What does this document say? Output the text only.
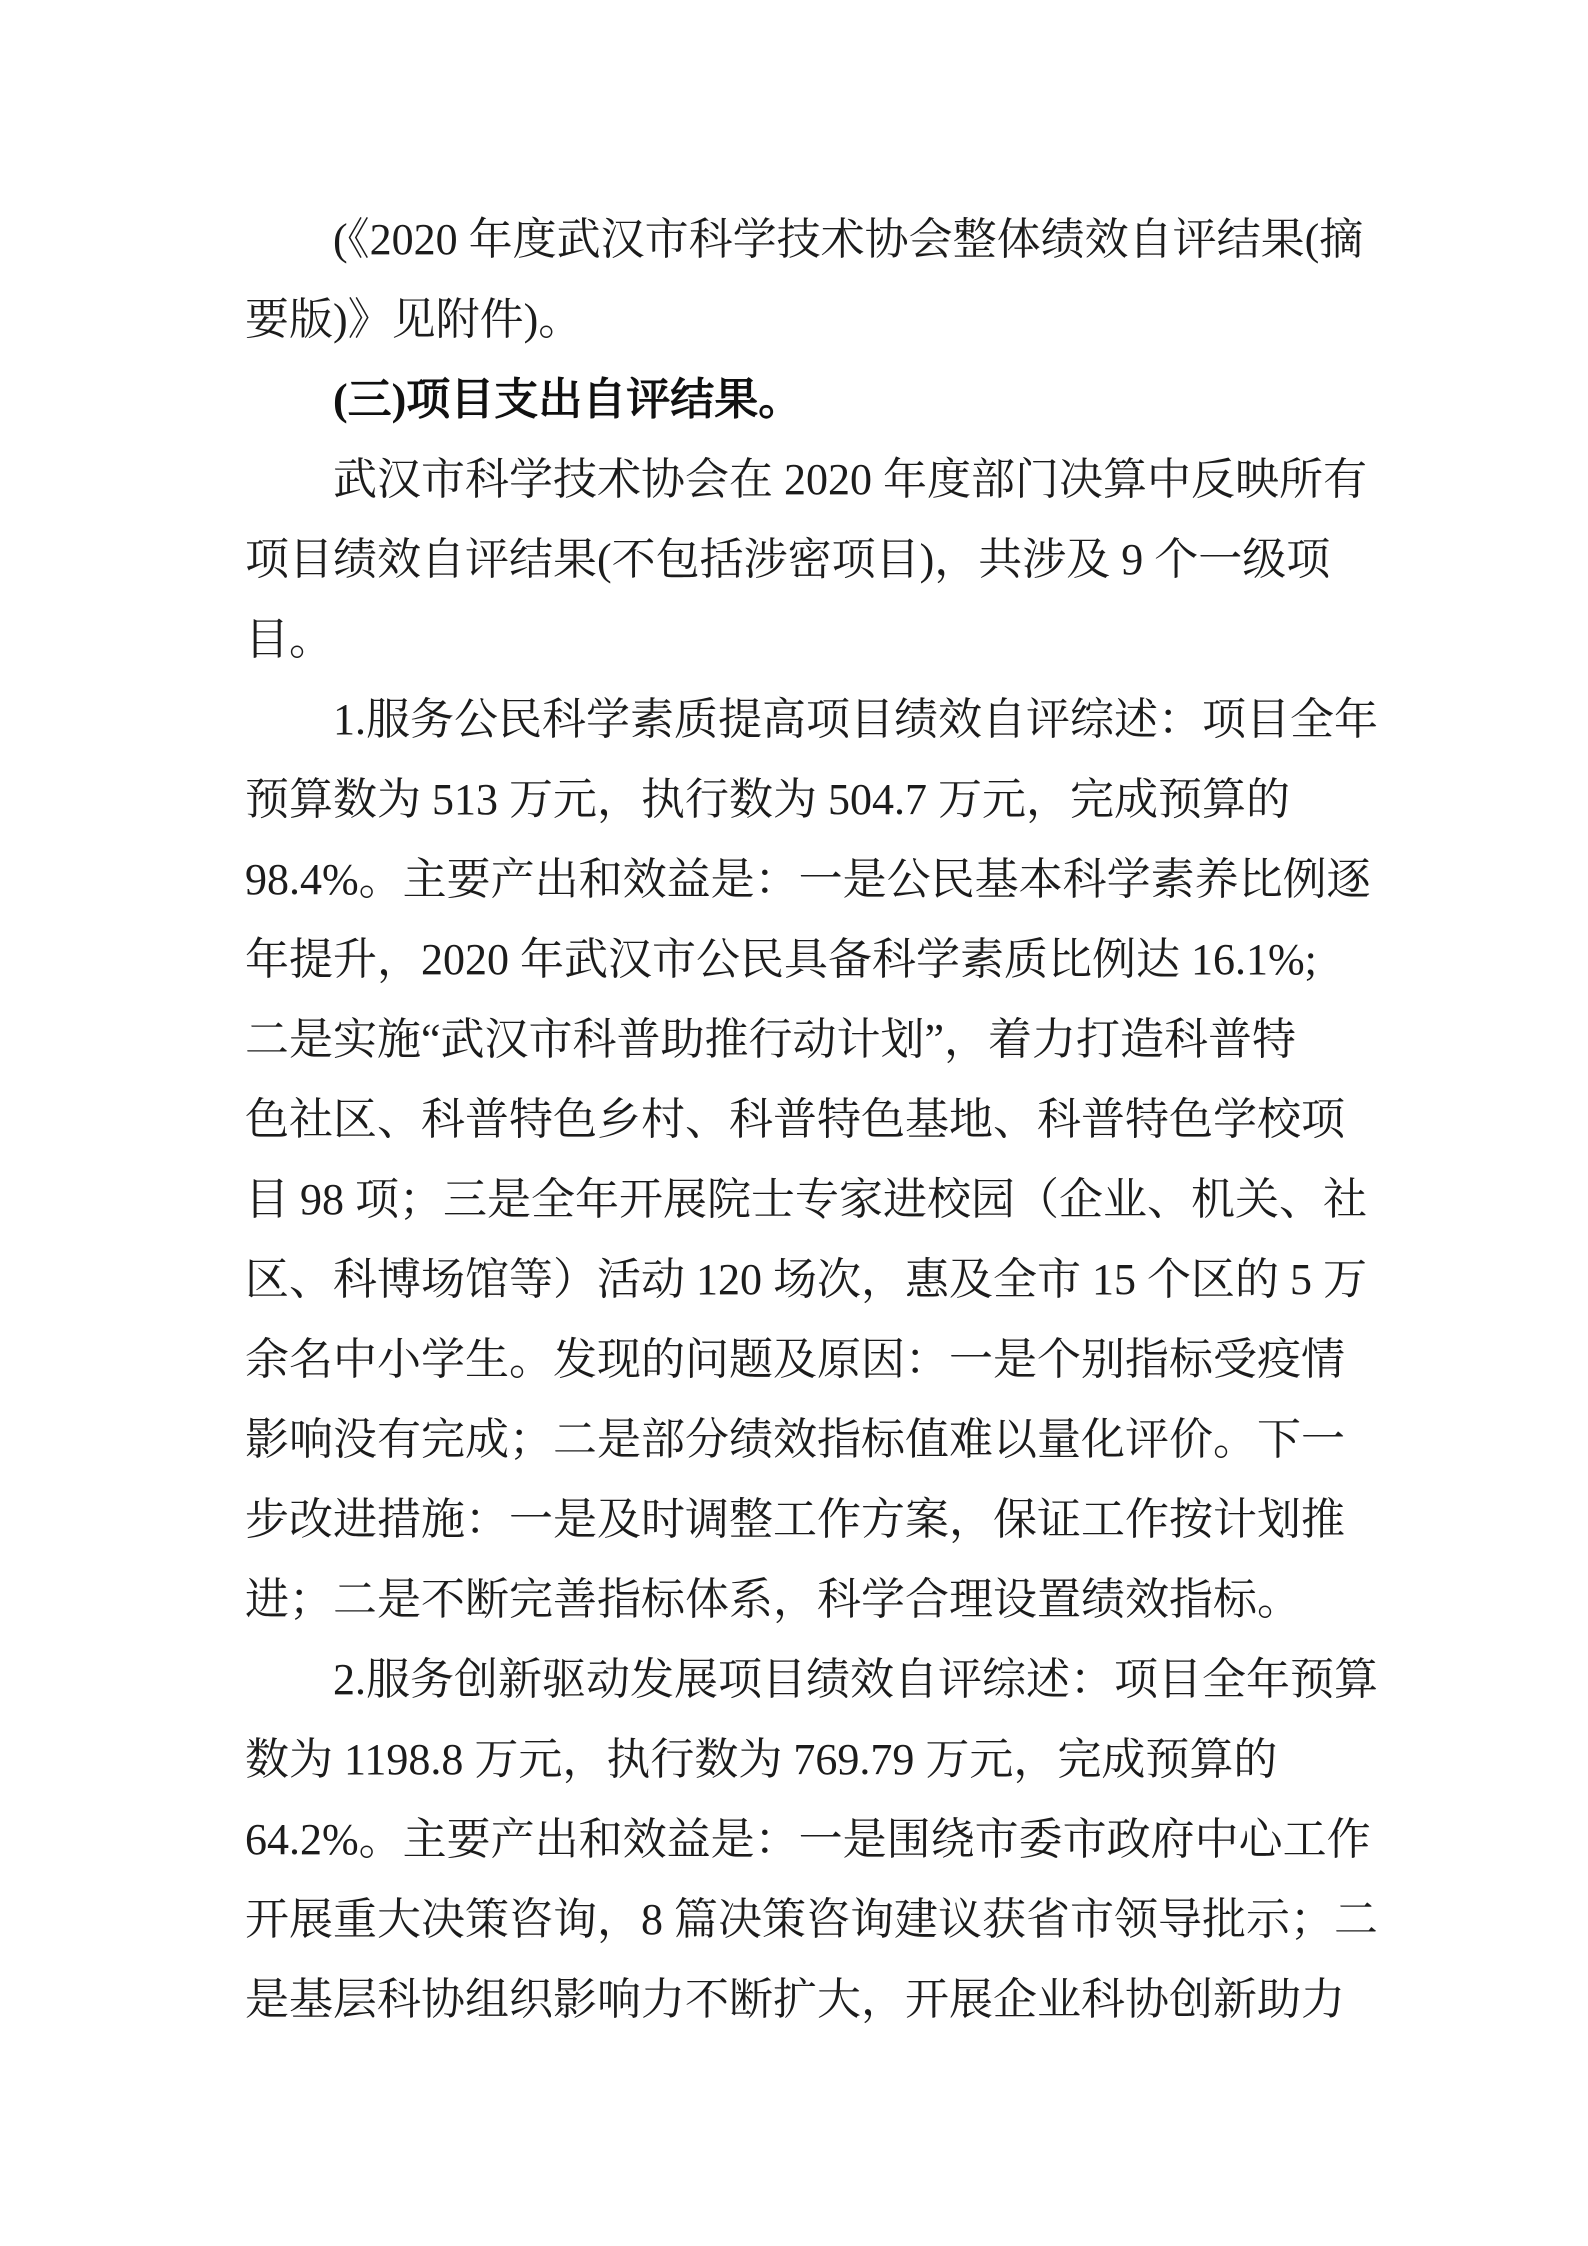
(《2020 年度武汉市科学技术协会整体绩效自评结果(摘
要版)》见附件)。
(三)项目支出自评结果。
武汉市科学技术协会在 2020 年度部门决算中反映所有
项目绩效自评结果(不包括涉密项目)，共涉及 9 个一级项
目。
1.服务公民科学素质提高项目绩效自评综述：项目全年
预算数为 513 万元，执行数为 504.7 万元，完成预算的
98.4%。主要产出和效益是：一是公民基本科学素养比例逐
年提升，2020 年武汉市公民具备科学素质比例达 16.1%;
二是实施“武汉市科普助推行动计划”，着力打造科普特
色社区、科普特色乡村、科普特色基地、科普特色学校项
目 98 项；三是全年开展院士专家进校园（企业、机关、社
区、科博场馆等）活动 120 场次，惠及全市 15 个区的 5 万
余名中小学生。发现的问题及原因：一是个别指标受疫情
影响没有完成；二是部分绩效指标值难以量化评价。下一
步改进措施：一是及时调整工作方案，保证工作按计划推
进；二是不断完善指标体系，科学合理设置绩效指标。
2.服务创新驱动发展项目绩效自评综述：项目全年预算
数为 1198.8 万元，执行数为 769.79 万元，完成预算的
64.2%。主要产出和效益是：一是围绕市委市政府中心工作
开展重大决策咨询，8 篇决策咨询建议获省市领导批示；二
是基层科协组织影响力不断扩大，开展企业科协创新助力
